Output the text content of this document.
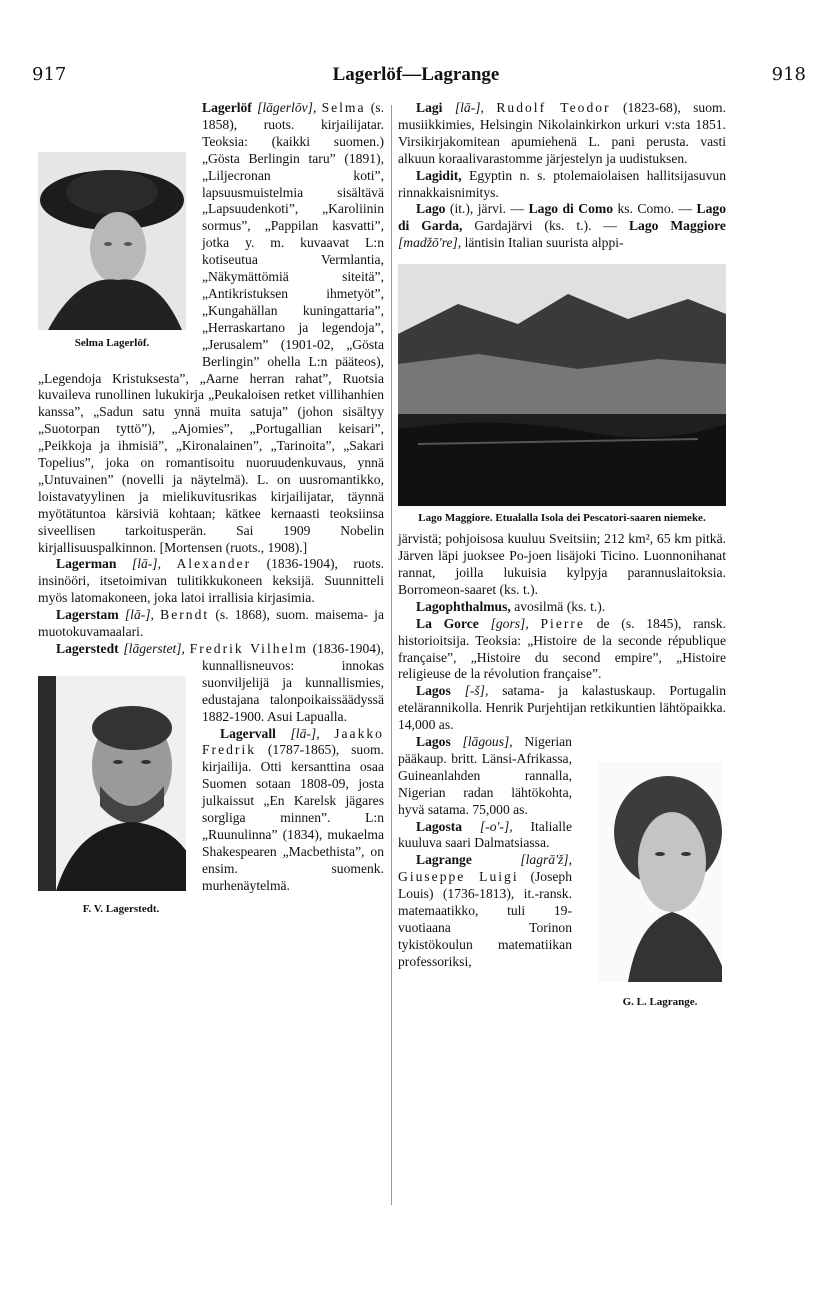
917	Lagerlöf—Lagrange	918

Lagerlöf [lāgerlōv], Selma
Selma Lagerlöf.
(s. 1858), ruots. kirjailijatar. Teoksia: (kaikki suomen.) „Gösta Berlingin taru” (1891), „Liljecronan koti”, lapsuusmuistelmia sisältävä „Lapsuudenkoti”, „Karoliinin sormus”, „Pappilan kasvatti”, jotka y. m. kuvaavat L:n kotiseutua Vermlantia, „Näkymättömiä siteitä”, „Antikristuksen ihmetyöt”, „Kungahällan kuningattaria”, „Herraskartano ja legendoja”, „Jerusalem” (1901-02, „Gösta Berlingin” ohella L:n pääteos), „Legendoja Kristuksesta”, „Aarne herran rahat”, Ruotsia kuvaileva runollinen lukukirja „Peukaloisen retket villihanhien kanssa”, „Sadun satu ynnä muita satuja” (johon sisältyy „Suotorpan tyttö”), „Ajomies”, „Portugallian keisari”, „Peikkoja ja ihmisiä”, „Kironalainen”, „Tarinoita”, „Sakari Topelius”, joka on romantisoitu nuoruudenkuvaus, ynnä „Untuvainen” (novelli ja näytelmä). L. on uusromantikko, loistavatyylinen ja mielikuvitusrikas kirjailijatar, täynnä myötätuntoa kärsiviä kohtaan; kätkee kernaasti teoksiinsa siveellisen tarkoitusperän. Sai 1909 Nobelin kirjallisuuspalkinnon. [Mortensen (ruots., 1908).]

Lagerman [lā-], Alexander (1836-1904), ruots. insinööri, itsetoimivan tulitikkukoneen keksijä. Suunnitteli myös latomakoneen, joka latoi irrallisia kirjasimia.

Lagerstam [lā-], Berndt (s. 1868), suom. maisema- ja muotokuvamaalari.

Lagerstedt [lāgerstet], Fredrik Vilhelm
F. V. Lagerstedt.
(1836-1904), kunnallisneuvos: innokas suonviljelijä ja kunnallismies, edustajana talonpoikaissäädyssä 1882-1900. Asui Lapualla.

Lagervall [lā-], Jaakko Fredrik (1787-1865), suom. kirjailija. Otti kersanttina osaa Suomen sotaan 1808-09, josta julkaissut „En Karelsk jägares sorgliga minnen”. L:n „Ruunulinna” (1834), mukaelma Shakespearen „Macbethista”, on ensim. suomenk. murhenäytelmä.

Lagi [lā-], Rudolf Teodor (1823-68), suom. musiikkimies, Helsingin Nikolainkirkon urkuri v:sta 1851. Virsikirjakomitean apumiehenä L. pani perusta. vasti alkuun koraalivarastomme järjestelyn ja uudistuksen.

Lagidit, Egyptin n. s. ptolemaiolaisen hallitsijasuvun rinnakkaisnimitys.

Lago (it.), järvi. — Lago di Como ks. Como. — Lago di Garda, Gardajärvi (ks. t.). — Lago Maggiore [madžō're], läntisin Italian suurista alppi-

Lago Maggiore. Etualalla Isola dei Pescatori-saaren niemeke.

järvistä; pohjoisosa kuuluu Sveitsiin; 212 km², 65 km pitkä. Järven läpi juoksee Po-joen lisäjoki Ticino. Luonnonihanat rannat, joilla lukuisia kylpyja parannuslaitoksia. Borromeon-saaret (ks. t.).

Lagophthalmus, avosilmä (ks. t.).

La Gorce [gors], Pierre de (s. 1845), ransk. historioitsija. Teoksia: „Histoire de la seconde république française”, „Histoire du second empire”, „Histoire religieuse de la révolution française”.

Lagos [-š], satama- ja kalastuskaup. Portugalin etelärannikolla. Henrik Purjehtijan retkikuntien lähtöpaikka. 14,000 as.

Lagos [lāgous],
G. L. Lagrange.
Nigerian pääkaup. britt. Länsi-Afrikassa, Guineanlahden rannalla, Nigerian radan lähtökohta, hyvä satama. 75,000 as.

Lagosta [-o'-], Italialle kuuluva saari Dalmatsiassa.

Lagrange	[lagrā'ž], Giuseppe Luigi (Joseph Louis) (1736-1813), it.-ransk. matemaatikko, tuli 19-vuotiaana Torinon tykistökoulun matematiikan professoriksi,
